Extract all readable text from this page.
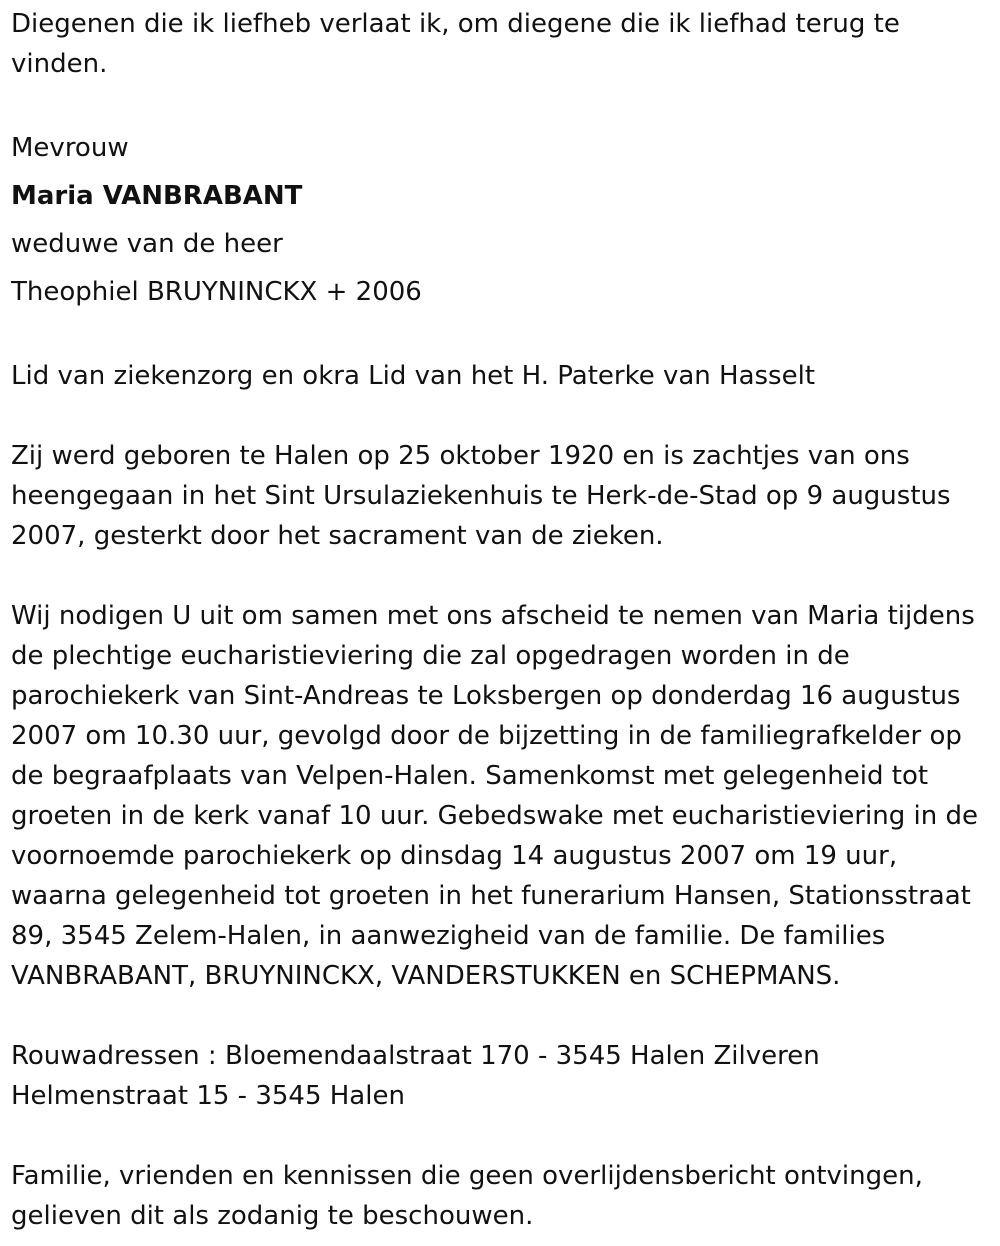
Diegenen die ik liefheb verlaat ik, om diegene die ik liefhad terug te vinden.

Mevrouw
Maria VANBRABANT
weduwe van de heer
Theophiel BRUYNINCKX + 2006

Lid van ziekenzorg en okra Lid van het H. Paterke van Hasselt

Zij werd geboren te Halen op 25 oktober 1920 en is zachtjes van ons heengegaan in het Sint Ursulaziekenhuis te Herk-de-Stad op 9 augustus 2007, gesterkt door het sacrament van de zieken.

Wij nodigen U uit om samen met ons afscheid te nemen van Maria tijdens de plechtige eucharistieviering die zal opgedragen worden in de parochiekerk van Sint-Andreas te Loksbergen op donderdag 16 augustus 2007 om 10.30 uur, gevolgd door de bijzetting in de familiegrafkelder op de begraafplaats van Velpen-Halen. Samenkomst met gelegenheid tot groeten in de kerk vanaf 10 uur. Gebedswake met eucharistieviering in de voornoemde parochiekerk op dinsdag 14 augustus 2007 om 19 uur, waarna gelegenheid tot groeten in het funerarium Hansen, Stationsstraat 89, 3545 Zelem-Halen, in aanwezigheid van de familie. De families VANBRABANT, BRUYNINCKX, VANDERSTUKKEN en SCHEPMANS.

Rouwadressen : Bloemendaalstraat 170 - 3545 Halen Zilveren Helmenstraat 15 - 3545 Halen

Familie, vrienden en kennissen die geen overlijdensbericht ontvingen, gelieven dit als zodanig te beschouwen.
